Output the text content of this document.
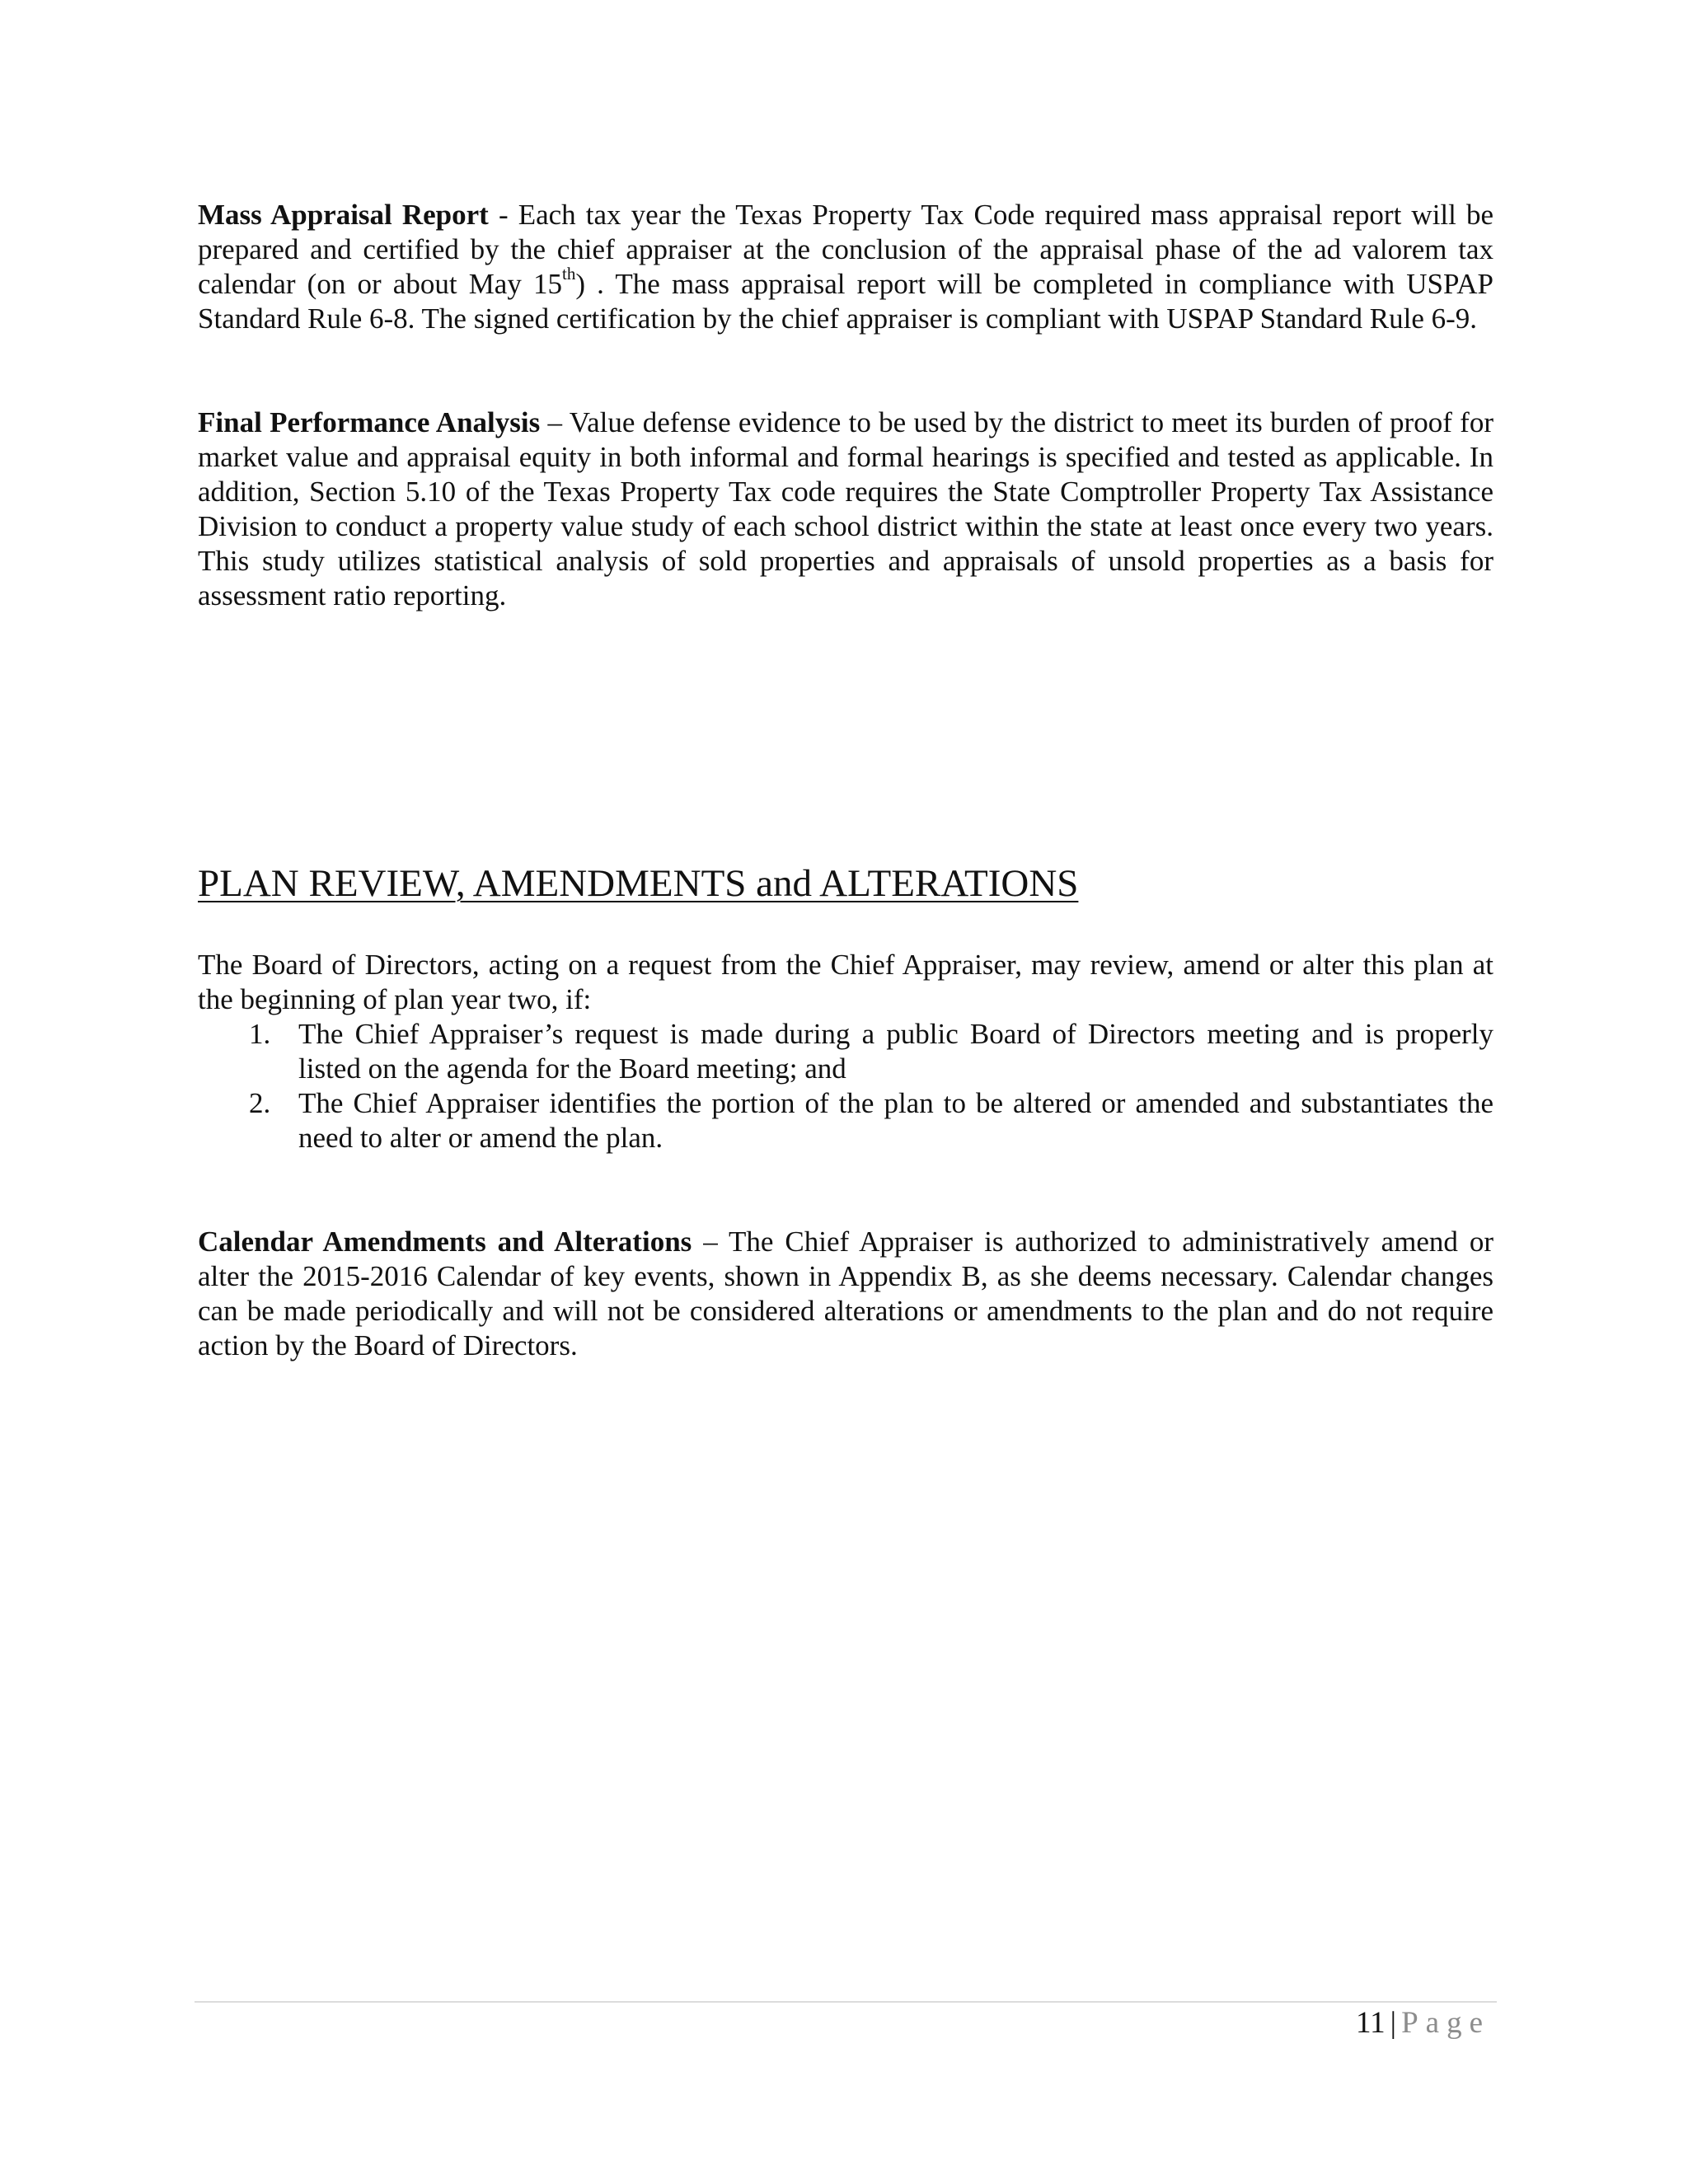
Mass Appraisal Report - Each tax year the Texas Property Tax Code required mass appraisal report will be prepared and certified by the chief appraiser at the conclusion of the appraisal phase of the ad valorem tax calendar (on or about May 15th) . The mass appraisal report will be completed in compliance with USPAP Standard Rule 6-8. The signed certification by the chief appraiser is compliant with USPAP Standard Rule 6-9.
Final Performance Analysis – Value defense evidence to be used by the district to meet its burden of proof for market value and appraisal equity in both informal and formal hearings is specified and tested as applicable. In addition, Section 5.10 of the Texas Property Tax code requires the State Comptroller Property Tax Assistance Division to conduct a property value study of each school district within the state at least once every two years. This study utilizes statistical analysis of sold properties and appraisals of unsold properties as a basis for assessment ratio reporting.
PLAN REVIEW, AMENDMENTS and ALTERATIONS
The Board of Directors, acting on a request from the Chief Appraiser, may review, amend or alter this plan at the beginning of plan year two, if:
1. The Chief Appraiser’s request is made during a public Board of Directors meeting and is properly listed on the agenda for the Board meeting; and
2. The Chief Appraiser identifies the portion of the plan to be altered or amended and substantiates the need to alter or amend the plan.
Calendar Amendments and Alterations – The Chief Appraiser is authorized to administratively amend or alter the 2015-2016 Calendar of key events, shown in Appendix B, as she deems necessary. Calendar changes can be made periodically and will not be considered alterations or amendments to the plan and do not require action by the Board of Directors.
11 | Page
